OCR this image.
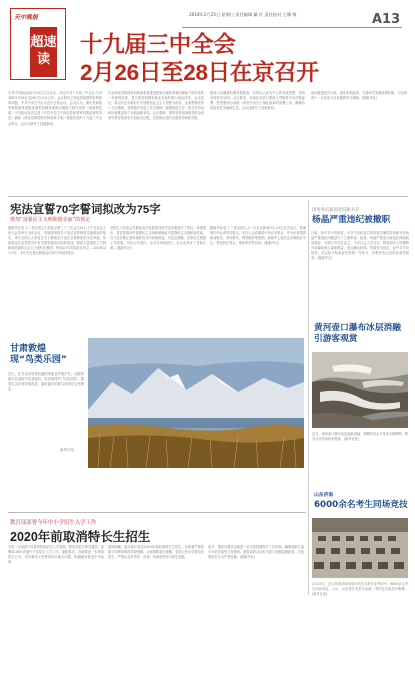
天中晚报
超速读
2018年2月25日 星期日 责任编辑 戴 红 责任校对 王娜 敏	A13
十九届三中全会
2月26日至28日在京召开
中共中央政治局2月24日召开会议，决定中共十九届三中全会于2018年2月26日至28日在北京召开。会议研究了深化党和国家机构改革问题，中共中央总书记习近平主持会议。会议认为，深化党和国家机构改革是推进国家治理体系和治理能力现代化的一场深刻变革。中央政治局决定将《中共中央关于深化党和国家机构改革的决定》稿和《深化党和国家机构改革方案》稿提请党的十九届三中全会审议。会议还研究了其他事项。
决定深化党和国家机构改革是推进国家治理体系和治理能力现代化的一场深刻变革，是关系党和国家事业全局的重大政治任务。会议指出，要以习近平新时代中国特色社会主义思想为指导，全面贯彻党的十九大精神，坚持稳中求进工作总基调，统筹推进五位一体总体布局和协调推进四个全面战略布局。会议强调，要把坚持和加强党的全面领导贯穿改革各方面和全过程，完善保证党的全面领导制度安排。
建设人民满意的服务型政府，坚持以人民为中心的发展思想，坚持全面依法治国。会议要求，各地区各部门要深入贯彻党中央决策部署，把思想和行动统一到党中央关于深化改革的部署上来，确保各项改革任务落地生效。会议还研究了其他事项。
加快推进依法行政，深化机构改革，完善科学发展体制机制，为实现两个一百年奋斗目标提供有力保障。(据新华社)
宪法宣誓70字誓词拟改为75字
增加“富强民主文明和谐美丽”的规定
据新华社电 十二届全国人大常委会第三十三次会议24日上午在北京人民大会堂举行全体会议，听取国务院关于宪法宣誓制度实施情况的报告，审议全国人大常委会关于修改实行宪法宣誓制度的决定草案。草案将宪法宣誓誓词中有关国家建设目标的表述，修改为富强民主文明和谐美丽的社会主义现代化强国，誓词由70字拟改为75字。2018年2月1日，中共中央提出修改宪法部分内容的建议。
全国人大常委会对修改宪法宣誓誓词的决定草案进行了审议。草案提出，将宣誓誓词中富强民主文明和谐修改为富强民主文明和谐美丽，以与宪法修正案草案的有关内容相衔接。决定还明确，宣誓仪式根据工作需要，可以公开进行，也可以单独进行。会议还审议了其他议案。(据新华社)
据新华社电 十三届全国人大一次会议新闻中心23日正式运行，受理境内外记者采访报名。本次大会将邀请中外记者采访，并为记者提供新闻发布、采访联络、网络服务等便利。新闻中心设在北京梅地亚中心，将组织记者会、集体采访等活动。(据新华社)
国务委员兼国务院秘书长
杨晶严重违纪被撤职
日前，经中共中央批准，中共中央纪委对国务委员兼国务院秘书长杨晶严重违纪问题进行了立案审查。经查，杨晶严重违反政治纪律和政治规矩，长期与不法企业主、不法社会人员交往，利用职务上的便利为亲属和他人谋取利益，违反廉洁纪律。依据有关规定，经中共中央批准，决定给予杨晶留党察看一年处分，按程序免去其国务委员职务。(据新华社)
黄河壶口瀑布冰层消融
引游客观赏
近日，黄河壶口瀑布冰层逐渐消融，奔腾的河水与残冰交相辉映，吸引众多游客前来观赏。(新华社发)
山东济南
6000余名考生同场竞技
2月25日，在山东省济南市举行的艺术类专业考试中，6000余名考生同场竞技。当日，山东省艺术类专业统一考试在济南拉开帷幕。(新华社发)
甘肃敦煌
现“鸟类乐园”
近日，在甘肃省敦煌西湖国家级自然保护区，成群的候鸟在湿地中觅食嬉戏，形成独特的“鸟类乐园”。随着生态环境持续改善，越来越多的候鸟选择在这里栖息。
新华社发
教育部部署今年中小学招生入学工作
2020年前取消特长生招生
为进一步加强义务教育阶段招生入学管理，教育部近日印发通知，部署2018年普通中小学招生入学工作。通知要求，各地要进一步规范招生行为，切实解决义务教育热点难点问题，积极稳妥推进中考改革。
通知明确，逐步减少直至2020年前取消特长生招生。各地要严格控制义务教育阶段学校班额，全面消除超大班额。坚持公民办学校同步招生，严禁以各类考试、竞赛、培训成绩作为招生依据。
此外，通知还要求各地进一步完善控辍保学工作机制，确保适龄儿童少年依法接受义务教育。教育部将会同有关部门加强监督检查，对违规招生行为严肃处理。(据新华社)
